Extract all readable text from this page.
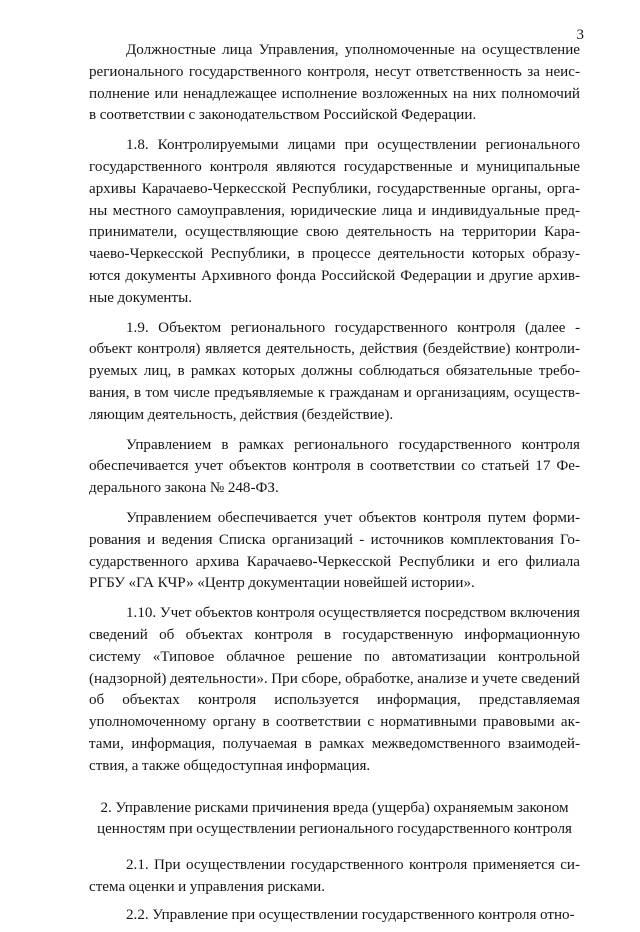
3

Должностные лица Управления, уполномоченные на осуществление регионального государственного контроля, несут ответственность за неисполнение или ненадлежащее исполнение возложенных на них полномочий в соответствии с законодательством Российской Федерации.

1.8. Контролируемыми лицами при осуществлении регионального государственного контроля являются государственные и муниципальные архивы Карачаево-Черкесской Республики, государственные органы, органы местного самоуправления, юридические лица и индивидуальные предприниматели, осуществляющие свою деятельность на территории Карачаево-Черкесской Республики, в процессе деятельности которых образуются документы Архивного фонда Российской Федерации и другие архивные документы.

1.9. Объектом регионального государственного контроля (далее - объект контроля) является деятельность, действия (бездействие) контролируемых лиц, в рамках которых должны соблюдаться обязательные требования, в том числе предъявляемые к гражданам и организациям, осуществляющим деятельность, действия (бездействие).

Управлением в рамках регионального государственного контроля обеспечивается учет объектов контроля в соответствии со статьей 17 Федерального закона № 248-ФЗ.

Управлением обеспечивается учет объектов контроля путем формирования и ведения Списка организаций - источников комплектования Государственного архива Карачаево-Черкесской Республики и его филиала РГБУ «ГА КЧР» «Центр документации новейшей истории».

1.10. Учет объектов контроля осуществляется посредством включения сведений об объектах контроля в государственную информационную систему «Типовое облачное решение по автоматизации контрольной (надзорной) деятельности». При сборе, обработке, анализе и учете сведений об объектах контроля используется информация, представляемая уполномоченному органу в соответствии с нормативными правовыми актами, информация, получаемая в рамках межведомственного взаимодействия, а также общедоступная информация.

2. Управление рисками причинения вреда (ущерба) охраняемым законом ценностям при осуществлении регионального государственного контроля

2.1. При осуществлении государственного контроля применяется система оценки и управления рисками.

2.2. Управление при осуществлении государственного контроля отно-
